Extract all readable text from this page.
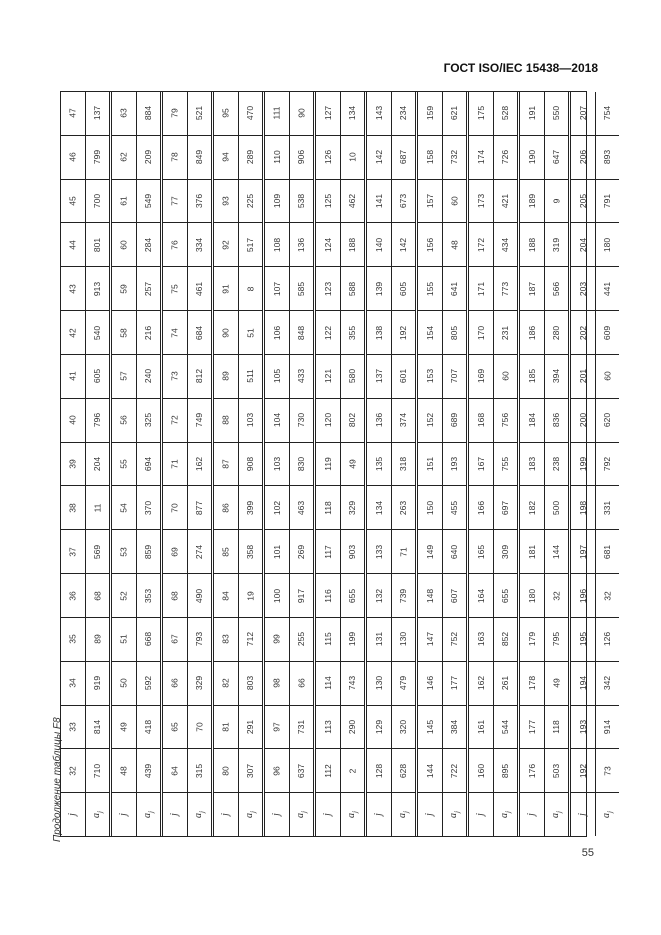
ГОСТ ISO/IEC 15438—2018
Продолжение таблицы F8
47
46
45
44
43
42
41
40
39
38
37
36
35
34
33
32
j
137
799
700
801
913
540
605
796
204
11
569
68
89
919
814
710
$a_j$
63
62
61
60
59
58
57
56
55
54
53
52
51
50
49
48
j
884
209
549
284
257
216
240
325
694
370
859
353
668
592
418
439
$a_j$
79
78
77
76
75
74
73
72
71
70
69
68
67
66
65
64
j
521
849
376
334
461
684
812
749
162
877
274
490
793
329
70
315
$a_j$
95
94
93
92
91
90
89
88
87
86
85
84
83
82
81
80
j
470
289
225
517
8
51
511
103
908
399
358
19
712
803
291
307
$a_j$
111
110
109
108
107
106
105
104
103
102
101
100
99
98
97
96
j
90
906
538
136
585
848
433
730
830
463
269
917
255
66
731
637
$a_j$
127
126
125
124
123
122
121
120
119
118
117
116
115
114
113
112
j
134
10
462
188
588
355
580
802
49
329
903
655
199
743
290
2
$a_j$
143
142
141
140
139
138
137
136
135
134
133
132
131
130
129
128
j
234
687
673
142
605
192
601
374
318
263
71
739
130
479
320
628
$a_j$
159
158
157
156
155
154
153
152
151
150
149
148
147
146
145
144
j
621
732
60
48
641
805
707
689
193
455
640
607
752
177
384
722
$a_j$
175
174
173
172
171
170
169
168
167
166
165
164
163
162
161
160
j
528
726
421
434
773
231
60
756
755
697
309
655
852
261
544
895
$a_j$
191
190
189
188
187
186
185
184
183
182
181
180
179
178
177
176
j
550
647
9
319
566
280
394
836
238
500
144
32
795
49
118
503
$a_j$
207
206
205
204
203
202
201
200
199
198
197
196
195
194
193
192
j
754
893
791
180
441
609
60
620
792
331
681
32
126
342
914
73
$a_j$
55
